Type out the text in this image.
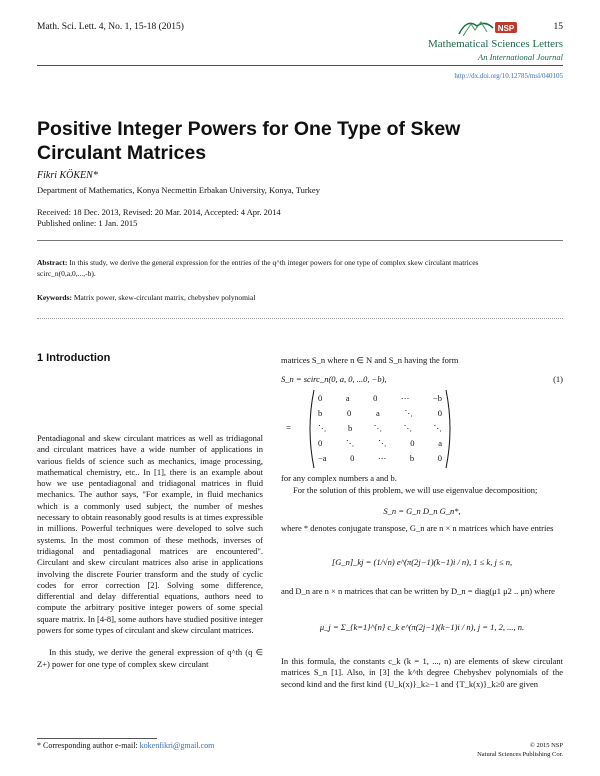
Math. Sci. Lett. 4, No. 1, 15-18 (2015)	NSP	15
Mathematical Sciences Letters
An International Journal
http://dx.doi.org/10.12785/msl/040105
Positive Integer Powers for One Type of Skew Circulant Matrices
Fikri KÖKEN*
Department of Mathematics, Konya Necmettin Erbakan University, Konya, Turkey
Received: 18 Dec. 2013, Revised: 20 Mar. 2014, Accepted: 4 Apr. 2014
Published online: 1 Jan. 2015
Abstract: In this study, we derive the general expression for the entries of the q^th integer powers for one type of complex skew circulant matrices scirc_n(0,a,0,...,-b).
Keywords: Matrix power, skew-circulant matrix, chebyshev polynomial
1 Introduction

Pentadiagonal and skew circulant matrices as well as tridiagonal and circulant matrices have a wide number of applications in various fields of science such as mechanics, image processing, mathematical chemistry, etc.. In [1], there is an example about how we use pentadiagonal and tridiagonal matrices in fluid mechanics. The author says, "For example, in fluid mechanics which is a commonly used subject, the number of meshes necessary to obtain reasonably good results is at times expressible in millions. Powerful techniques were developed to solve such systems. In the most common of these methods, inverses of tridiagonal and pentadiagonal matrices are encountered". Circulant and skew circulant matrices also arise in applications involving the discrete Fourier transform and the study of cyclic codes for error correction [2]. Solving some difference, differential and delay differential equations, authors need to compute the arbitrary positive integer powers of some special square matrix. In [4-8], some authors have studied positive integer powers for some types of circulant and skew circulant matrices.

In this study, we derive the general expression of q^th (q ∈ Z+) power for one type of complex skew circulant

matrices S_n where n ∈ N and S_n having the form
S_n = scirc_n(0, a, 0, ...0, −b),	(1)
=
0	a	0	⋯	−b
b	0	a	⋱	0
⋱	b	⋱	⋱	⋱
0	⋱	⋱	0	a
−a	0	⋯	b	0
for any complex numbers a and b.
For the solution of this problem, we will use eigenvalue decomposition;
S_n = G_n D_n G_n*,
where * denotes conjugate transpose, G_n are n × n matrices which have entries
[G_n]_kj = (1/√n) e^(π(2j−1)(k−1)i / n), 1 ≤ k, j ≤ n,
and D_n are n × n matrices that can be written by D_n = diag(μ1 μ2 .. μn) where
μ_j = Σ_{k=1}^{n} c_k e^(π(2j−1)(k−1)i / n), j = 1, 2, ..., n.
In this formula, the constants c_k (k = 1, ..., n) are elements of skew circulant matrices S_n [1]. Also, in [3] the k^th degree Chebyshev polynomials of the second kind and the first kind {U_k(x)}_k≥−1 and {T_k(x)}_k≥0 are given
* Corresponding author e-mail: kokenfikri@gmail.com	© 2015 NSP
Natural Sciences Publishing Cor.
